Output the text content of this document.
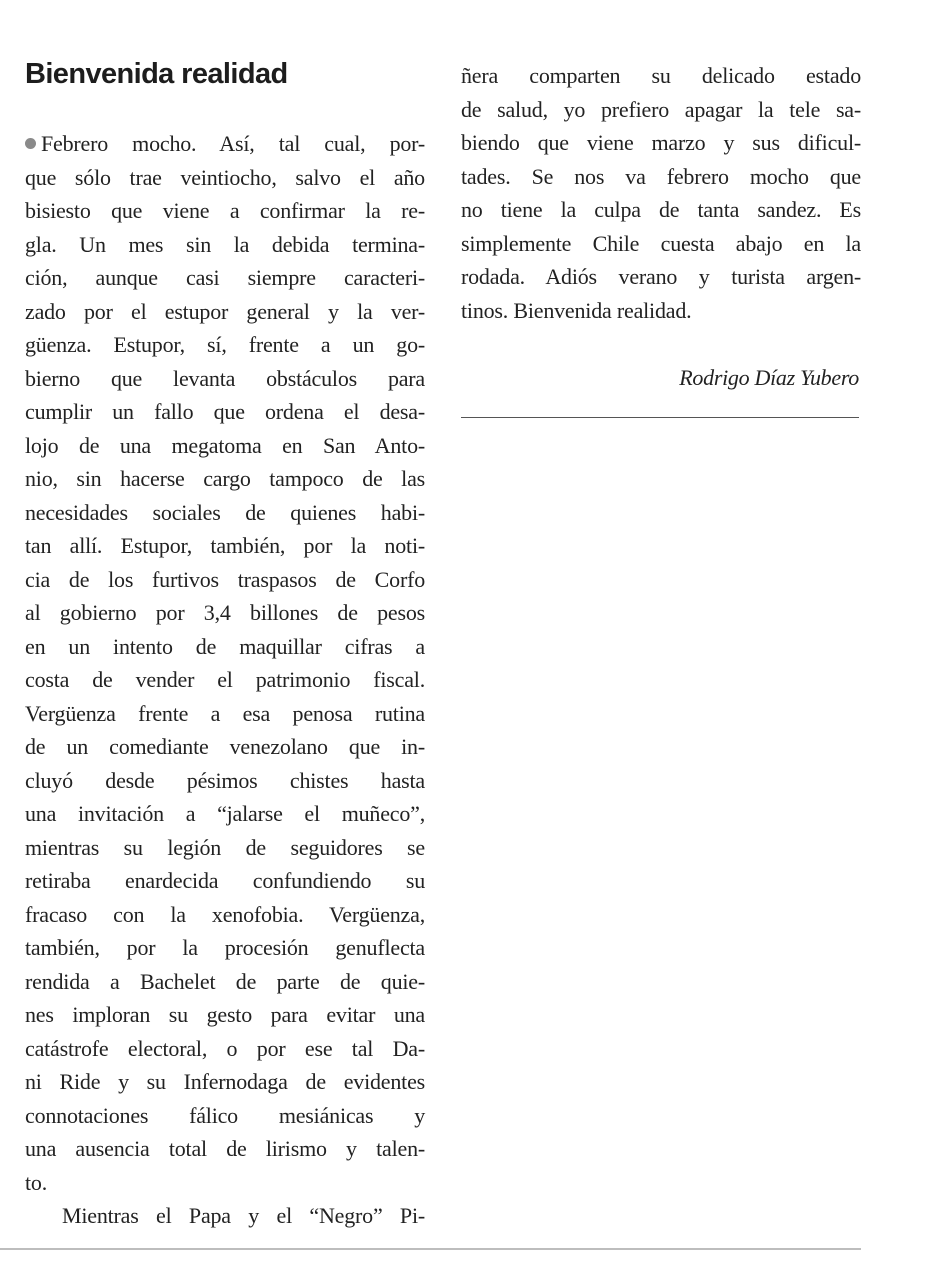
Bienvenida realidad
Febrero mocho. Así, tal cual, por-
que sólo trae veintiocho, salvo el año
bisiesto que viene a confirmar la re-
gla. Un mes sin la debida termina-
ción, aunque casi siempre caracteri-
zado por el estupor general y la ver-
güenza. Estupor, sí, frente a un go-
bierno que levanta obstáculos para
cumplir un fallo que ordena el desa-
lojo de una megatoma en San Anto-
nio, sin hacerse cargo tampoco de las
necesidades sociales de quienes habi-
tan allí. Estupor, también, por la noti-
cia de los furtivos traspasos de Corfo
al gobierno por 3,4 billones de pesos
en un intento de maquillar cifras a
costa de vender el patrimonio fiscal.
Vergüenza frente a esa penosa rutina
de un comediante venezolano que in-
cluyó desde pésimos chistes hasta
una invitación a “jalarse el muñeco”,
mientras su legión de seguidores se
retiraba enardecida confundiendo su
fracaso con la xenofobia. Vergüenza,
también, por la procesión genuflecta
rendida a Bachelet de parte de quie-
nes imploran su gesto para evitar una
catástrofe electoral, o por ese tal Da-
ni Ride y su Infernodaga de evidentes
connotaciones fálico mesiánicas y
una ausencia total de lirismo y talen-
to.
Mientras el Papa y el “Negro” Pi-
ñera comparten su delicado estado
de salud, yo prefiero apagar la tele sa-
biendo que viene marzo y sus dificul-
tades. Se nos va febrero mocho que
no tiene la culpa de tanta sandez. Es
simplemente Chile cuesta abajo en la
rodada. Adiós verano y turista argen-
tinos. Bienvenida realidad.
Rodrigo Díaz Yubero
